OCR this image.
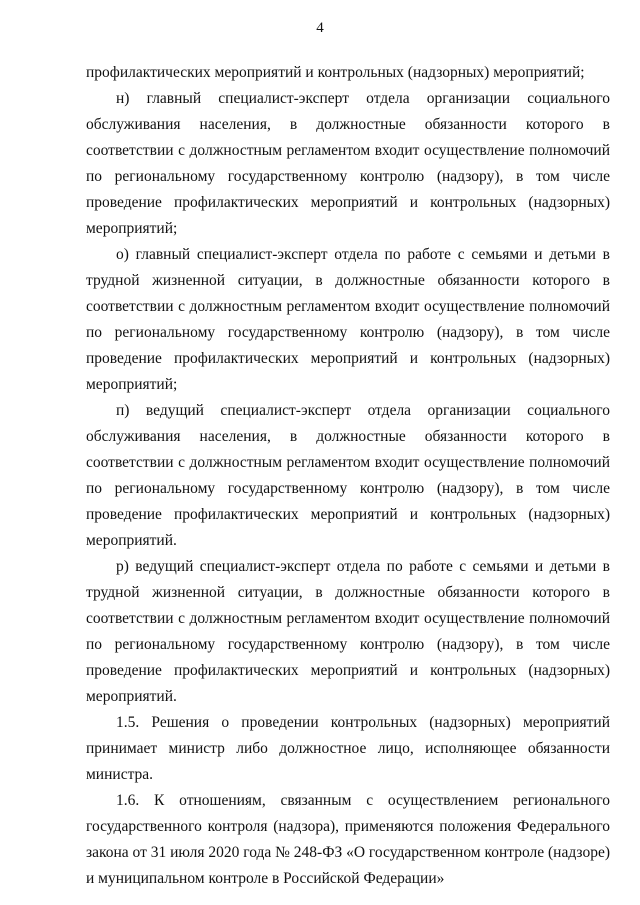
4

профилактических мероприятий и контрольных (надзорных) мероприятий;

н) главный специалист-эксперт отдела организации социального обслуживания населения, в должностные обязанности которого в соответствии с должностным регламентом входит осуществление полномочий по региональному государственному контролю (надзору), в том числе проведение профилактических мероприятий и контрольных (надзорных) мероприятий;

о) главный специалист-эксперт отдела по работе с семьями и детьми в трудной жизненной ситуации, в должностные обязанности которого в соответствии с должностным регламентом входит осуществление полномочий по региональному государственному контролю (надзору), в том числе проведение профилактических мероприятий и контрольных (надзорных) мероприятий;

п) ведущий специалист-эксперт отдела организации социального обслуживания населения, в должностные обязанности которого в соответствии с должностным регламентом входит осуществление полномочий по региональному государственному контролю (надзору), в том числе проведение профилактических мероприятий и контрольных (надзорных) мероприятий.

р) ведущий специалист-эксперт отдела по работе с семьями и детьми в трудной жизненной ситуации, в должностные обязанности которого в соответствии с должностным регламентом входит осуществление полномочий по региональному государственному контролю (надзору), в том числе проведение профилактических мероприятий и контрольных (надзорных) мероприятий.

1.5. Решения о проведении контрольных (надзорных) мероприятий принимает министр либо должностное лицо, исполняющее обязанности министра.

1.6. К отношениям, связанным с осуществлением регионального государственного контроля (надзора), применяются положения Федерального закона от 31 июля 2020 года № 248-ФЗ «О государственном контроле (надзоре) и муниципальном контроле в Российской Федерации»
